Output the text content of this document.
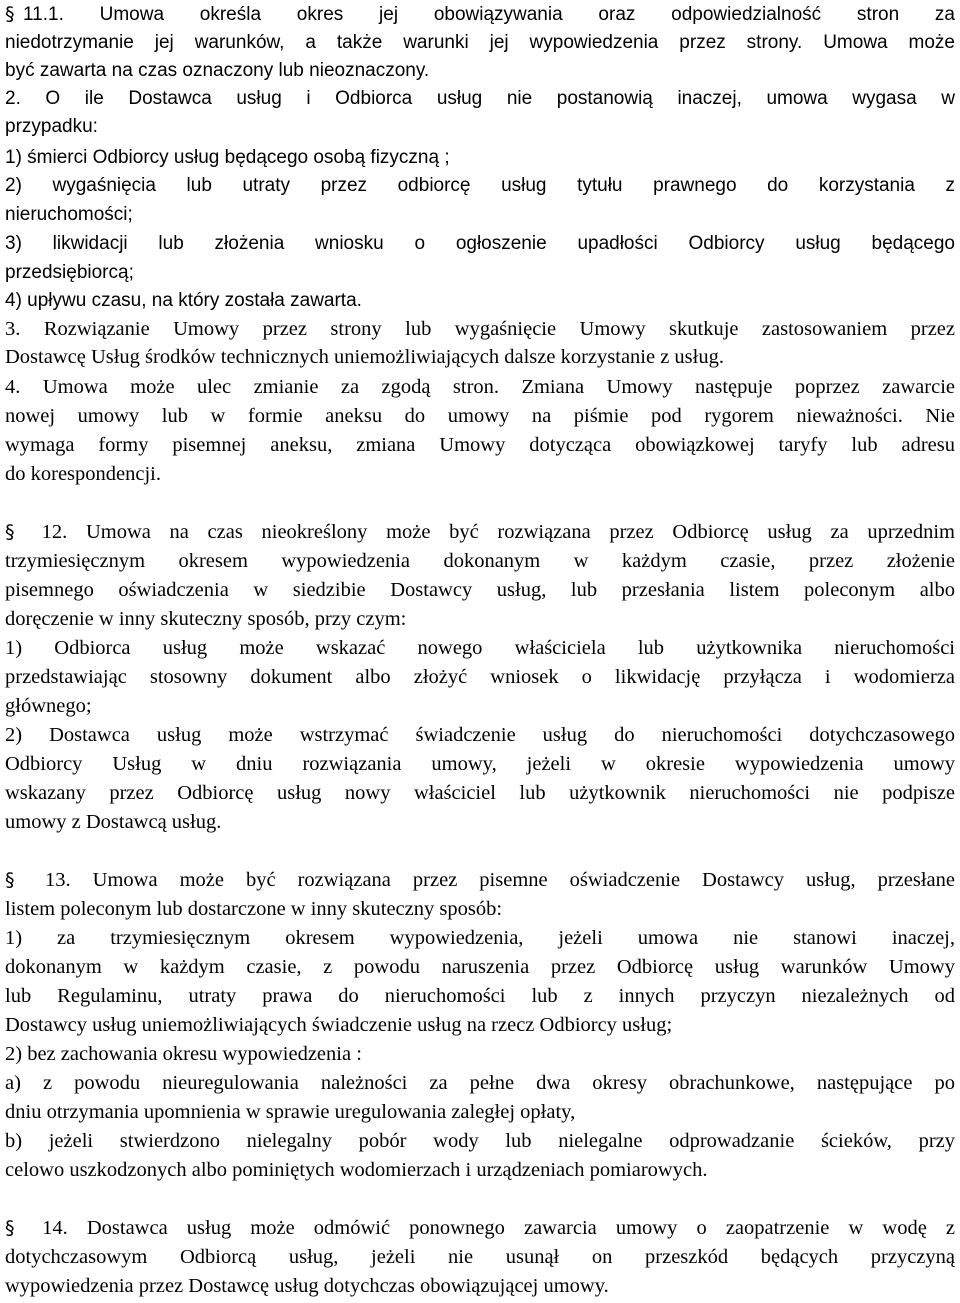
§ 11.1. Umowa określa okres jej obowiązywania oraz odpowiedzialność stron za
niedotrzymanie jej warunków, a także warunki jej wypowiedzenia przez strony. Umowa może
być zawarta na czas oznaczony lub nieoznaczony.
2. O ile Dostawca usług i Odbiorca usług nie postanowią inaczej, umowa wygasa w
przypadku:
1) śmierci Odbiorcy usług będącego osobą fizyczną ;
2) wygaśnięcia lub utraty przez odbiorcę usług tytułu prawnego do korzystania z
nieruchomości;
3) likwidacji lub złożenia wniosku o ogłoszenie upadłości Odbiorcy usług będącego
przedsiębiorcą;
4) upływu czasu, na który została zawarta.
3. Rozwiązanie Umowy przez strony lub wygaśnięcie Umowy skutkuje zastosowaniem przez
Dostawcę Usług środków technicznych uniemożliwiających dalsze korzystanie z usług.
4. Umowa może ulec zmianie za zgodą stron. Zmiana Umowy następuje poprzez zawarcie
nowej umowy lub w formie aneksu do umowy na piśmie pod rygorem nieważności. Nie
wymaga formy pisemnej aneksu, zmiana Umowy dotycząca obowiązkowej taryfy lub adresu
do korespondencji.
§ 12. Umowa na czas nieokreślony może być rozwiązana przez Odbiorcę usług za uprzednim
trzymiesięcznym okresem wypowiedzenia dokonanym w każdym czasie, przez złożenie
pisemnego oświadczenia w siedzibie Dostawcy usług, lub przesłania listem poleconym albo
doręczenie w inny skuteczny sposób, przy czym:
1) Odbiorca usług może wskazać nowego właściciela lub użytkownika nieruchomości
przedstawiając stosowny dokument albo złożyć wniosek o likwidację przyłącza i wodomierza
głównego;
2) Dostawca usług może wstrzymać świadczenie usług do nieruchomości dotychczasowego
Odbiorcy Usług w dniu rozwiązania umowy, jeżeli w okresie wypowiedzenia umowy
wskazany przez Odbiorcę usług nowy właściciel lub użytkownik nieruchomości nie podpisze
umowy z Dostawcą usług.
§ 13. Umowa może być rozwiązana przez pisemne oświadczenie Dostawcy usług, przesłane
listem poleconym lub dostarczone w inny skuteczny sposób:
1) za trzymiesięcznym okresem wypowiedzenia, jeżeli umowa nie stanowi inaczej,
dokonanym w każdym czasie, z powodu naruszenia przez Odbiorcę usług warunków Umowy
lub Regulaminu, utraty prawa do nieruchomości lub z innych przyczyn niezależnych od
Dostawcy usług uniemożliwiających świadczenie usług na rzecz Odbiorcy usług;
2) bez zachowania okresu wypowiedzenia :
a) z powodu nieuregulowania należności za pełne dwa okresy obrachunkowe, następujące po
dniu otrzymania upomnienia w sprawie uregulowania zaległej opłaty,
b) jeżeli stwierdzono nielegalny pobór wody lub nielegalne odprowadzanie ścieków, przy
celowo uszkodzonych albo pominiętych wodomierzach i urządzeniach pomiarowych.
§ 14. Dostawca usług może odmówić ponownego zawarcia umowy o zaopatrzenie w wodę z
dotychczasowym Odbiorcą usług, jeżeli nie usunął on przeszkód będących przyczyną
wypowiedzenia przez Dostawcę usług dotychczas obowiązującej umowy.
